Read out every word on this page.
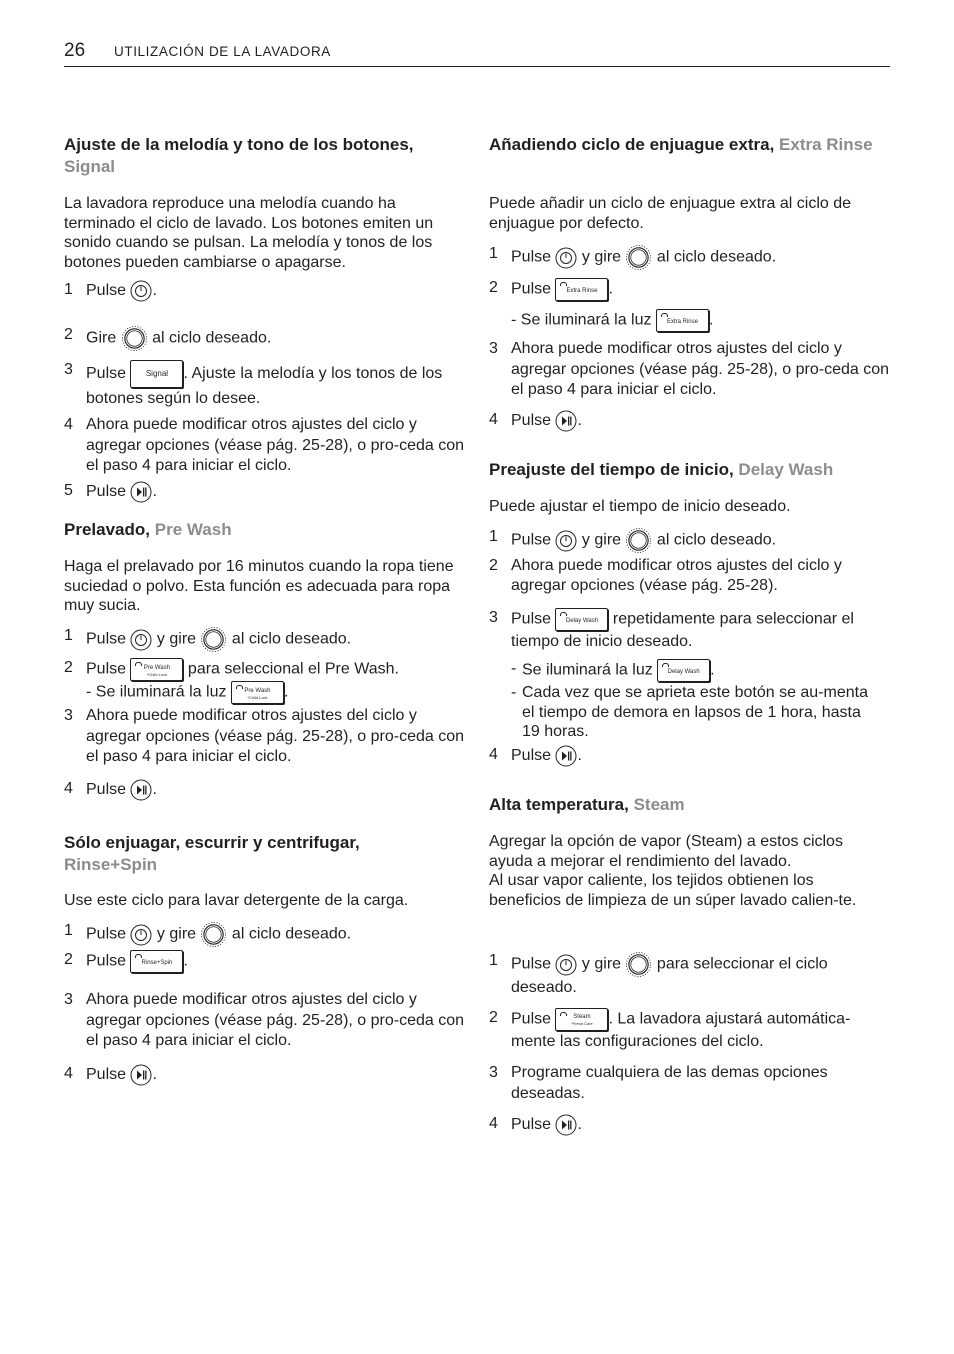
26 UTILIZACIÓN DE LA LAVADORA
Ajuste de la melodía y tono de los botones, Signal

La lavadora reproduce una melodía cuando ha terminado el ciclo de lavado. Los botones emiten un sonido cuando se pulsan. La melodía y tonos de los botones pueden cambiarse o apagarse.

1 Pulse .
2 Gire  al ciclo deseado.
3 Pulse	Signal . Ajuste la melodía y los tonos de los botones según lo desee.
4 Ahora puede modificar otros ajustes del ciclo y agregar opciones (véase pág. 25-28), o pro-ceda con el paso 4 para iniciar el ciclo.
5 Pulse .
Prelavado, Pre Wash

Haga el prelavado por 16 minutos cuando la ropa tiene suciedad o polvo. Esta función es adecuada para ropa muy sucia.

1 Pulse  y gire  al ciclo deseado.
2 Pulse	Pre Wash
*Child Lock	para seleccional el Pre Wash.
- Se iluminará la luz	Pre Wash
*Child Lock	.
3 Ahora puede modificar otros ajustes del ciclo y agregar opciones (véase pág. 25-28), o pro-ceda con el paso 4 para iniciar el ciclo.
4 Pulse .
Sólo enjuagar, escurrir y centrifugar,
Rinse+Spin

Use este ciclo para lavar detergente de la carga.

1 Pulse  y gire  al ciclo deseado.
2 Pulse	Rinse+Spin .
3 Ahora puede modificar otros ajustes del ciclo y agregar opciones (véase pág. 25-28), o pro-ceda con el paso 4 para iniciar el ciclo.
4 Pulse .
Añadiendo ciclo de enjuague extra, Extra Rinse

Puede añadir un ciclo de enjuague extra al ciclo de enjuague por defecto.

1 Pulse  y gire  al ciclo deseado.
2 Pulse	Extra Rinse .
- Se iluminará la luz	Extra Rinse .
3 Ahora puede modificar otros ajustes del ciclo y agregar opciones (véase pág. 25-28), o pro-ceda con el paso 4 para iniciar el ciclo.
4 Pulse .
Preajuste del tiempo de inicio, Delay Wash

Puede ajustar el tiempo de inicio deseado.

1 Pulse  y gire  al ciclo deseado.
2 Ahora puede modificar otros ajustes del ciclo y agregar opciones (véase pág. 25-28).
3 Pulse	Delay Wash repetidamente para seleccionar el tiempo de inicio deseado.
- Se iluminará la luz	Delay Wash .
- Cada vez que se aprieta este botón se au-menta el tiempo de demora en lapsos de 1 hora, hasta 19 horas.
4 Pulse .
Alta temperatura, Steam

Agregar la opción de vapor (Steam) a estos ciclos ayuda a mejorar el rendimiento del lavado.
Al usar vapor caliente, los tejidos obtienen los beneficios de limpieza de un súper lavado calien-te.

1 Pulse  y gire  para seleccionar el ciclo deseado.
2 Pulse	Steam
*Fresh Care . La lavadora ajustará automática-mente las configuraciones del ciclo.
3 Programe cualquiera de las demas opciones deseadas.
4 Pulse .
